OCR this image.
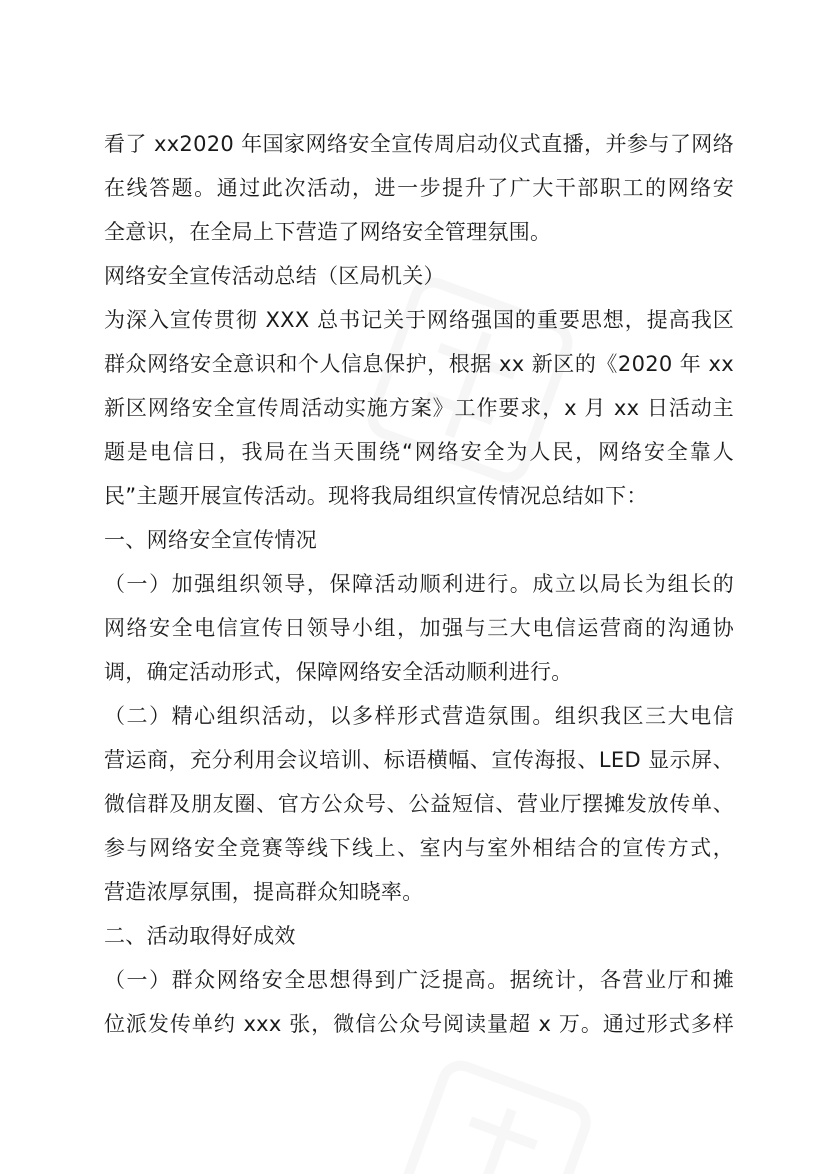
看了 xx2020 年国家网络安全宣传周启动仪式直播，并参与了网络
在线答题。通过此次活动，进一步提升了广大干部职工的网络安
全意识，在全局上下营造了网络安全管理氛围。
网络安全宣传活动总结（区局机关）
为深入宣传贯彻 XXX 总书记关于网络强国的重要思想，提高我区
群众网络安全意识和个人信息保护，根据 xx 新区的《2020 年 xx
新区网络安全宣传周活动实施方案》工作要求，x 月 xx 日活动主
题是电信日，我局在当天围绕“网络安全为人民，网络安全靠人
民”主题开展宣传活动。现将我局组织宣传情况总结如下：
一、网络安全宣传情况
（一）加强组织领导，保障活动顺利进行。成立以局长为组长的
网络安全电信宣传日领导小组，加强与三大电信运营商的沟通协
调，确定活动形式，保障网络安全活动顺利进行。
（二）精心组织活动，以多样形式营造氛围。组织我区三大电信
营运商，充分利用会议培训、标语横幅、宣传海报、LED 显示屏、
微信群及朋友圈、官方公众号、公益短信、营业厅摆摊发放传单、
参与网络安全竞赛等线下线上、室内与室外相结合的宣传方式，
营造浓厚氛围，提高群众知晓率。
二、活动取得好成效
（一）群众网络安全思想得到广泛提高。据统计，各营业厅和摊
位派发传单约 xxx 张，微信公众号阅读量超 x 万。通过形式多样
